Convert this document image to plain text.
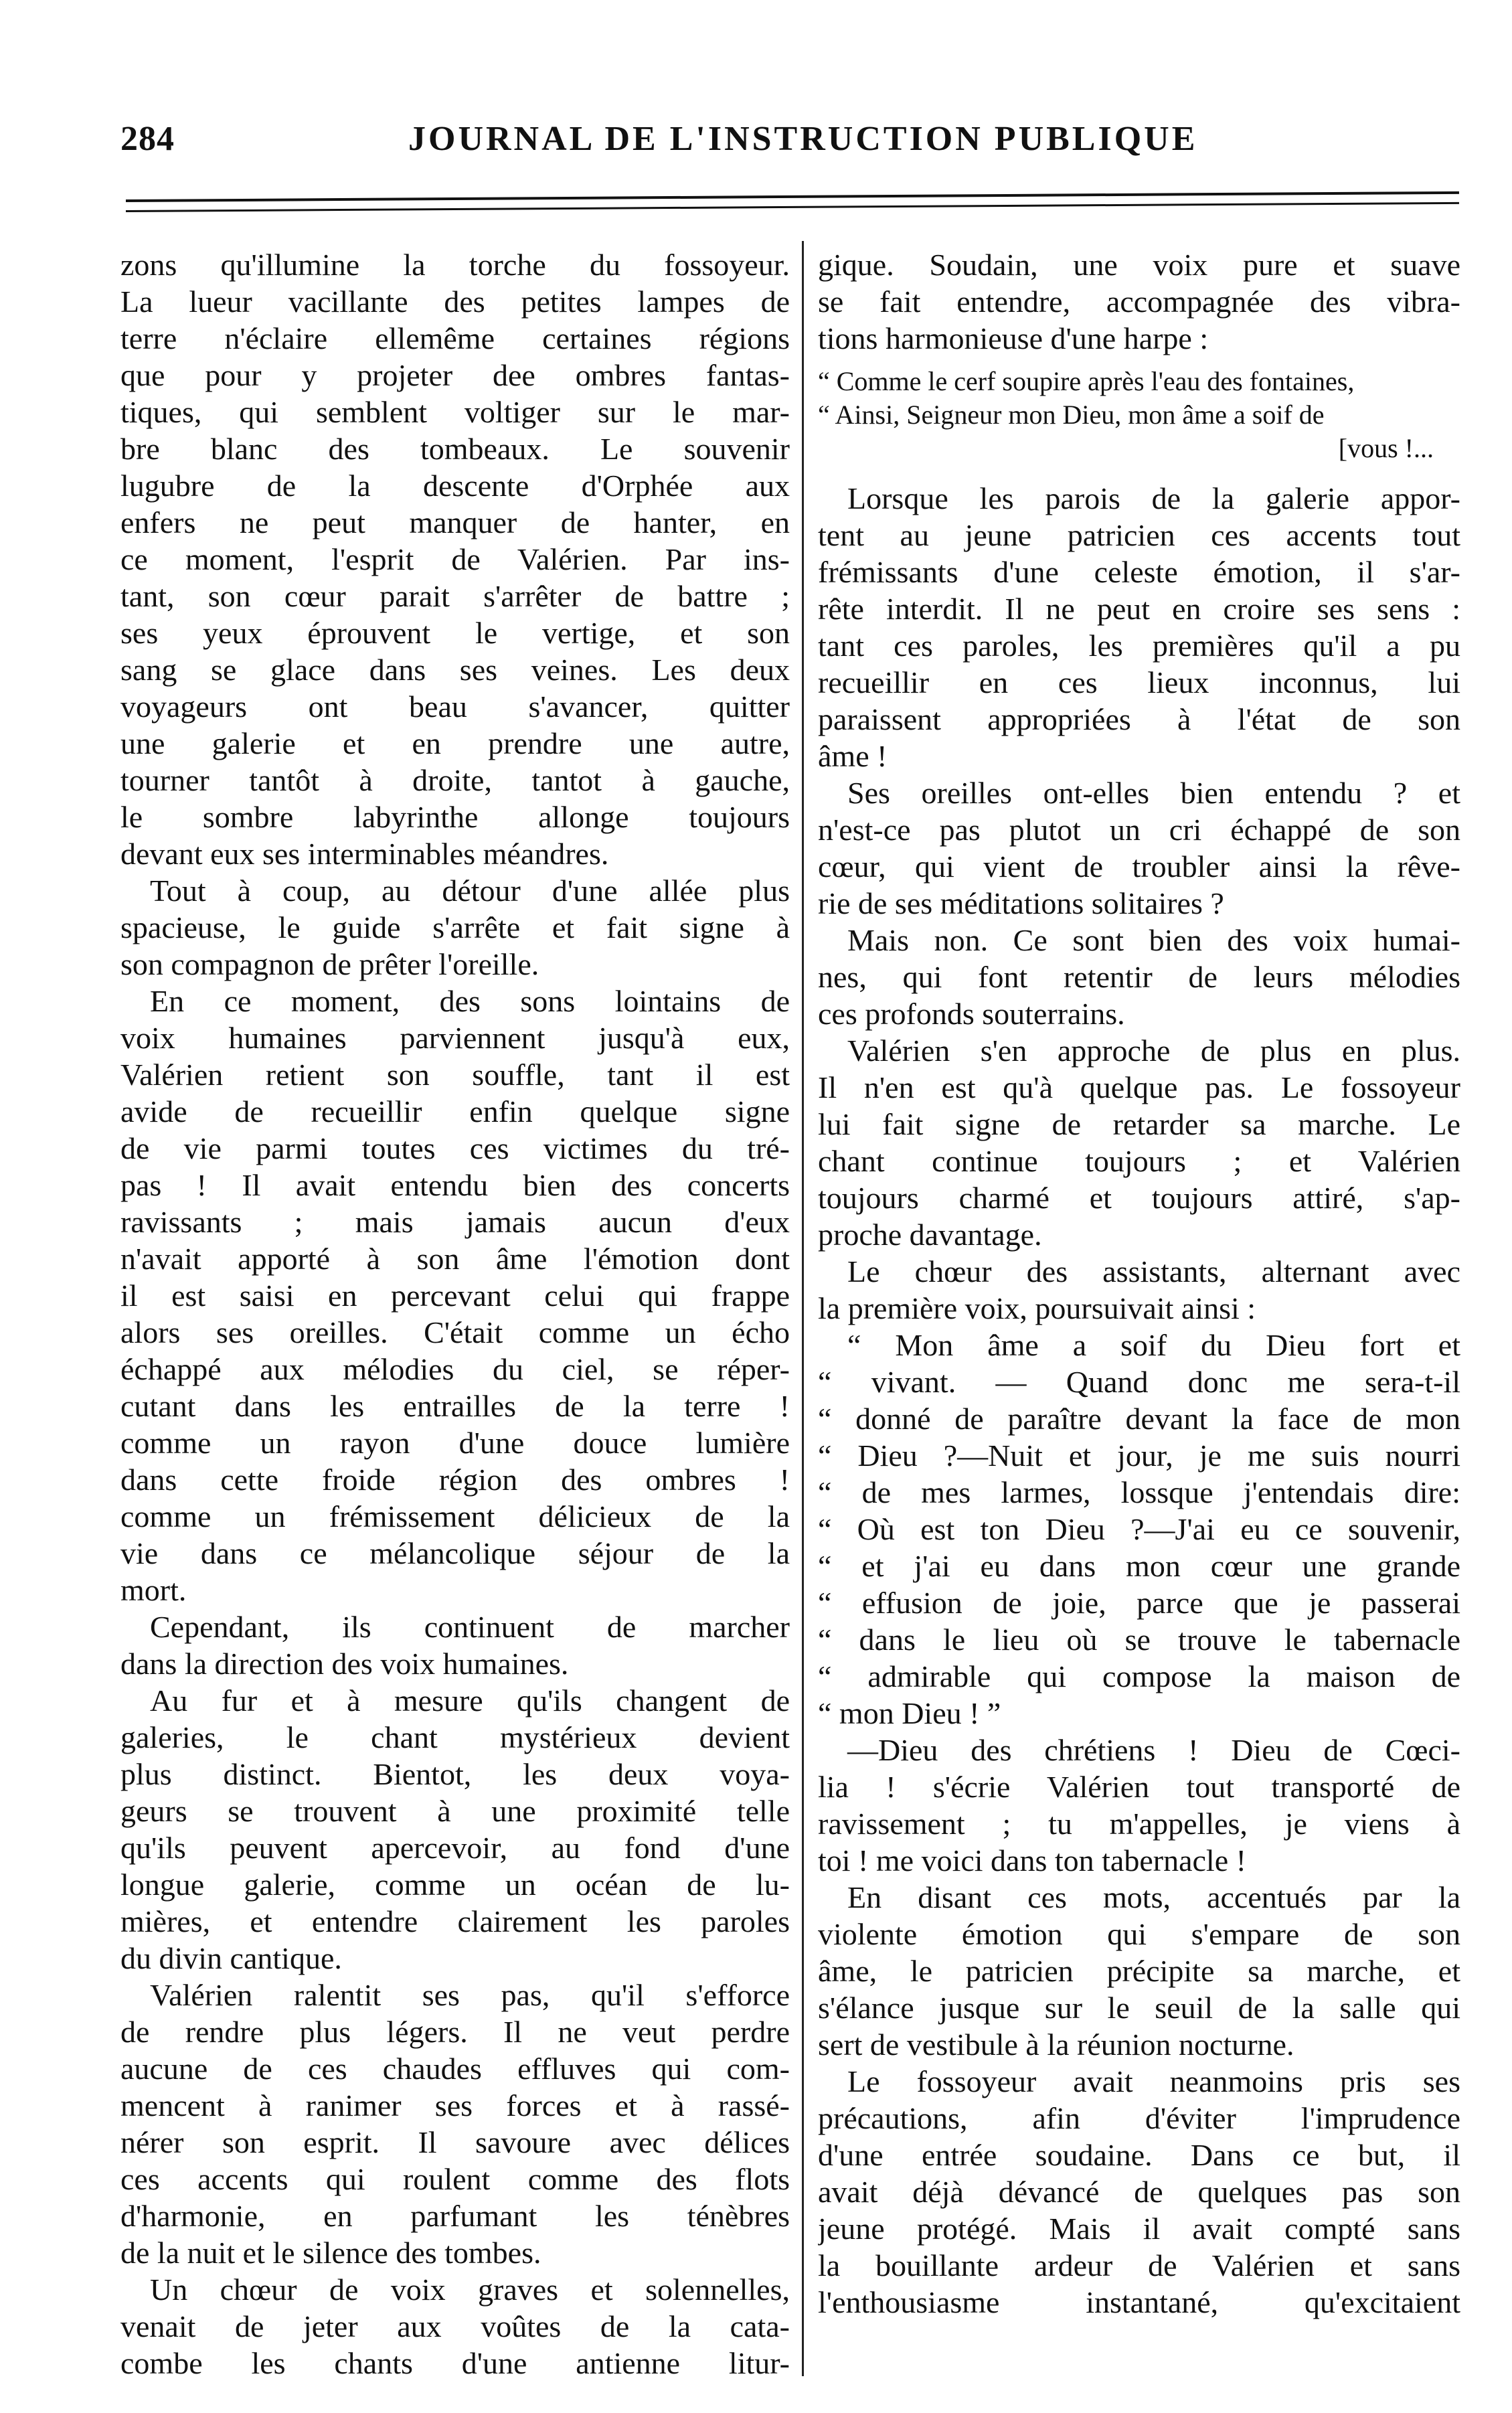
284	JOURNAL DE L'INSTRUCTION PUBLIQUE
zons qu'illumine la torche du fossoyeur.
La lueur vacillante des petites lampes de
terre n'éclaire ellemême certaines régions
que pour y projeter dee ombres fantas-
tiques, qui semblent voltiger sur le mar-
bre blanc des tombeaux. Le souvenir
lugubre de la descente d'Orphée aux
enfers ne peut manquer de hanter, en
ce moment, l'esprit de Valérien. Par ins-
tant, son cœur parait s'arrêter de battre ;
ses yeux éprouvent le vertige, et son
sang se glace dans ses veines. Les deux
voyageurs ont beau s'avancer, quitter
une galerie et en prendre une autre,
tourner tantôt à droite, tantot à gauche,
le sombre labyrinthe allonge toujours
devant eux ses interminables méandres.
Tout à coup, au détour d'une allée plus
spacieuse, le guide s'arrête et fait signe à
son compagnon de prêter l'oreille.
En ce moment, des sons lointains de
voix humaines parviennent jusqu'à eux,
Valérien retient son souffle, tant il est
avide de recueillir enfin quelque signe
de vie parmi toutes ces victimes du tré-
pas ! Il avait entendu bien des concerts
ravissants ; mais jamais aucun d'eux
n'avait apporté à son âme l'émotion dont
il est saisi en percevant celui qui frappe
alors ses oreilles. C'était comme un écho
échappé aux mélodies du ciel, se réper-
cutant dans les entrailles de la terre !
comme un rayon d'une douce lumière
dans cette froide région des ombres !
comme un frémissement délicieux de la
vie dans ce mélancolique séjour de la
mort.
Cependant, ils continuent de marcher
dans la direction des voix humaines.
Au fur et à mesure qu'ils changent de
galeries, le chant mystérieux devient
plus distinct. Bientot, les deux voya-
geurs se trouvent à une proximité telle
qu'ils peuvent apercevoir, au fond d'une
longue galerie, comme un océan de lu-
mières, et entendre clairement les paroles
du divin cantique.
Valérien ralentit ses pas, qu'il s'efforce
de rendre plus légers. Il ne veut perdre
aucune de ces chaudes effluves qui com-
mencent à ranimer ses forces et à rassé-
nérer son esprit. Il savoure avec délices
ces accents qui roulent comme des flots
d'harmonie, en parfumant les ténèbres
de la nuit et le silence des tombes.
Un chœur de voix graves et solennelles,
venait de jeter aux voûtes de la cata-
combe les chants d'une antienne litur-
gique. Soudain, une voix pure et suave
se fait entendre, accompagnée des vibra-
tions harmonieuse d'une harpe :
“ Comme le cerf soupire après l'eau des fontaines,
“ Ainsi, Seigneur mon Dieu, mon âme a soif de
[vous !...
Lorsque les parois de la galerie appor-
tent au jeune patricien ces accents tout
frémissants d'une celeste émotion, il s'ar-
rête interdit. Il ne peut en croire ses sens :
tant ces paroles, les premières qu'il a pu
recueillir en ces lieux inconnus, lui
paraissent appropriées à l'état de son
âme !
Ses oreilles ont-elles bien entendu ? et
n'est-ce pas plutot un cri échappé de son
cœur, qui vient de troubler ainsi la rêve-
rie de ses méditations solitaires ?
Mais non. Ce sont bien des voix humai-
nes, qui font retentir de leurs mélodies
ces profonds souterrains.
Valérien s'en approche de plus en plus.
Il n'en est qu'à quelque pas. Le fossoyeur
lui fait signe de retarder sa marche. Le
chant continue toujours ; et Valérien
toujours charmé et toujours attiré, s'ap-
proche davantage.
Le chœur des assistants, alternant avec
la première voix, poursuivait ainsi :
“ Mon âme a soif du Dieu fort et
“ vivant. — Quand donc me sera-t-il
“ donné de paraître devant la face de mon
“ Dieu ?—Nuit et jour, je me suis nourri
“ de mes larmes, lossque j'entendais dire:
“ Où est ton Dieu ?—J'ai eu ce souvenir,
“ et j'ai eu dans mon cœur une grande
“ effusion de joie, parce que je passerai
“ dans le lieu où se trouve le tabernacle
“ admirable qui compose la maison de
“ mon Dieu ! ”
—Dieu des chrétiens ! Dieu de Cœci-
lia ! s'écrie Valérien tout transporté de
ravissement ; tu m'appelles, je viens à
toi ! me voici dans ton tabernacle !
En disant ces mots, accentués par la
violente émotion qui s'empare de son
âme, le patricien précipite sa marche, et
s'élance jusque sur le seuil de la salle qui
sert de vestibule à la réunion nocturne.
Le fossoyeur avait neanmoins pris ses
précautions, afin d'éviter l'imprudence
d'une entrée soudaine. Dans ce but, il
avait déjà dévancé de quelques pas son
jeune protégé. Mais il avait compté sans
la bouillante ardeur de Valérien et sans
l'enthousiasme instantané, qu'excitaient
